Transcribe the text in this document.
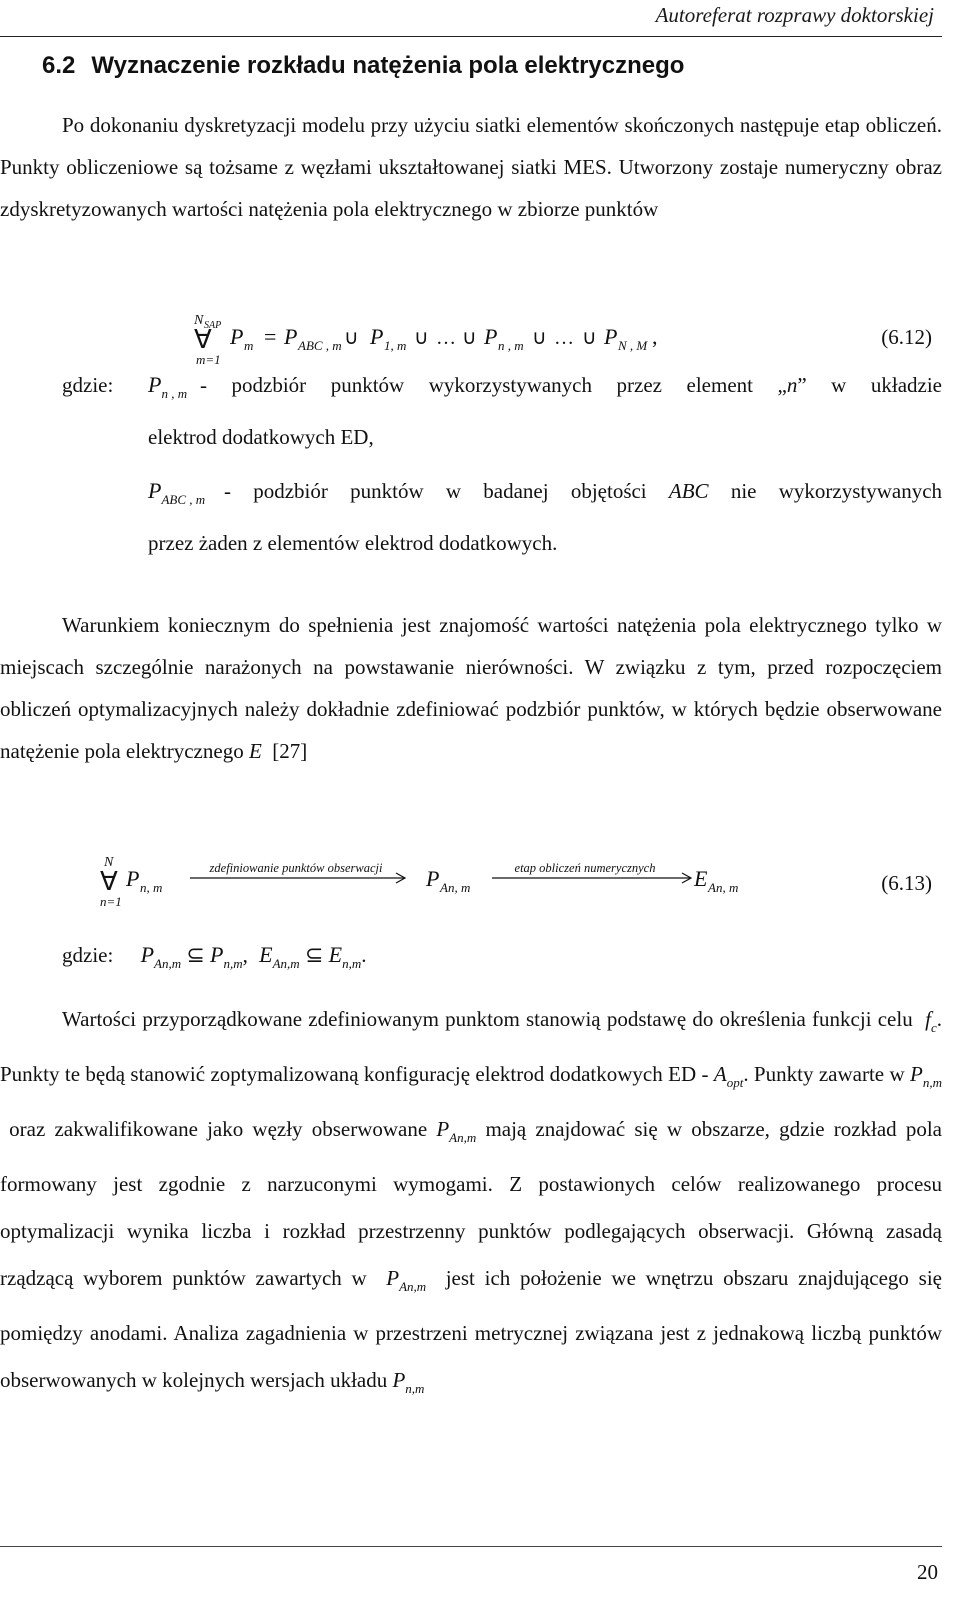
Autoreferat rozprawy doktorskiej
6.2 Wyznaczenie rozkładu natężenia pola elektrycznego
Po dokonaniu dyskretyzacji modelu przy użyciu siatki elementów skończonych następuje etap obliczeń. Punkty obliczeniowe są tożsame z węzłami ukształtowanej siatki MES. Utworzony zostaje numeryczny obraz zdyskretyzowanych wartości natężenia pola elektrycznego w zbiorze punktów
N SAP
∀
m=1
P m = P ABC , m ∪ P 1, m ∪ … ∪ P n , m ∪ … ∪ P N , M ,	(6.12)
gdzie: $P_{n , m}$ - podzbiór punktów wykorzystywanych przez element „n” w układzie
elektrod dodatkowych ED,
$P_{ABC , m}$ - podzbiór punktów w badanej objętości ABC nie wykorzystywanych
przez żaden z elementów elektrod dodatkowych.
Warunkiem koniecznym do spełnienia jest znajomość wartości natężenia pola elektrycznego tylko w miejscach szczególnie narażonych na powstawanie nierówności. W związku z tym, przed rozpoczęciem obliczeń optymalizacyjnych należy dokładnie zdefiniować podzbiór punktów, w których będzie obserwowane natężenie pola elektrycznego E [27]
N
∀
n=1
P n, m
zdefiniowanie punktów obserwacji P An, m
etap obliczeń numerycznych E An, m	(6.13)
gdzie: $P_{An,m}$ ⊆ $P_{n,m}$, $E_{An,m}$ ⊆ $E_{n,m}$.
Wartości przyporządkowane zdefiniowanym punktom stanowią podstawę do określenia funkcji celu $f_c$. Punkty te będą stanowić zoptymalizowaną konfigurację elektrod dodatkowych ED - $A_{opt}$. Punkty zawarte w $P_{n,m}$  oraz zakwalifikowane jako węzły obserwowane $P_{An,m}$ mają znajdować się w obszarze, gdzie rozkład pola formowany jest zgodnie z narzuconymi wymogami. Z postawionych celów realizowanego procesu optymalizacji wynika liczba i rozkład przestrzenny punktów podlegających obserwacji. Główną zasadą rządzącą wyborem punktów zawartych w $P_{An,m}$ jest ich położenie we wnętrzu obszaru znajdującego się pomiędzy anodami. Analiza zagadnienia w przestrzeni metrycznej związana jest z jednakową liczbą punktów obserwowanych w kolejnych wersjach układu $P_{n,m}$
20
